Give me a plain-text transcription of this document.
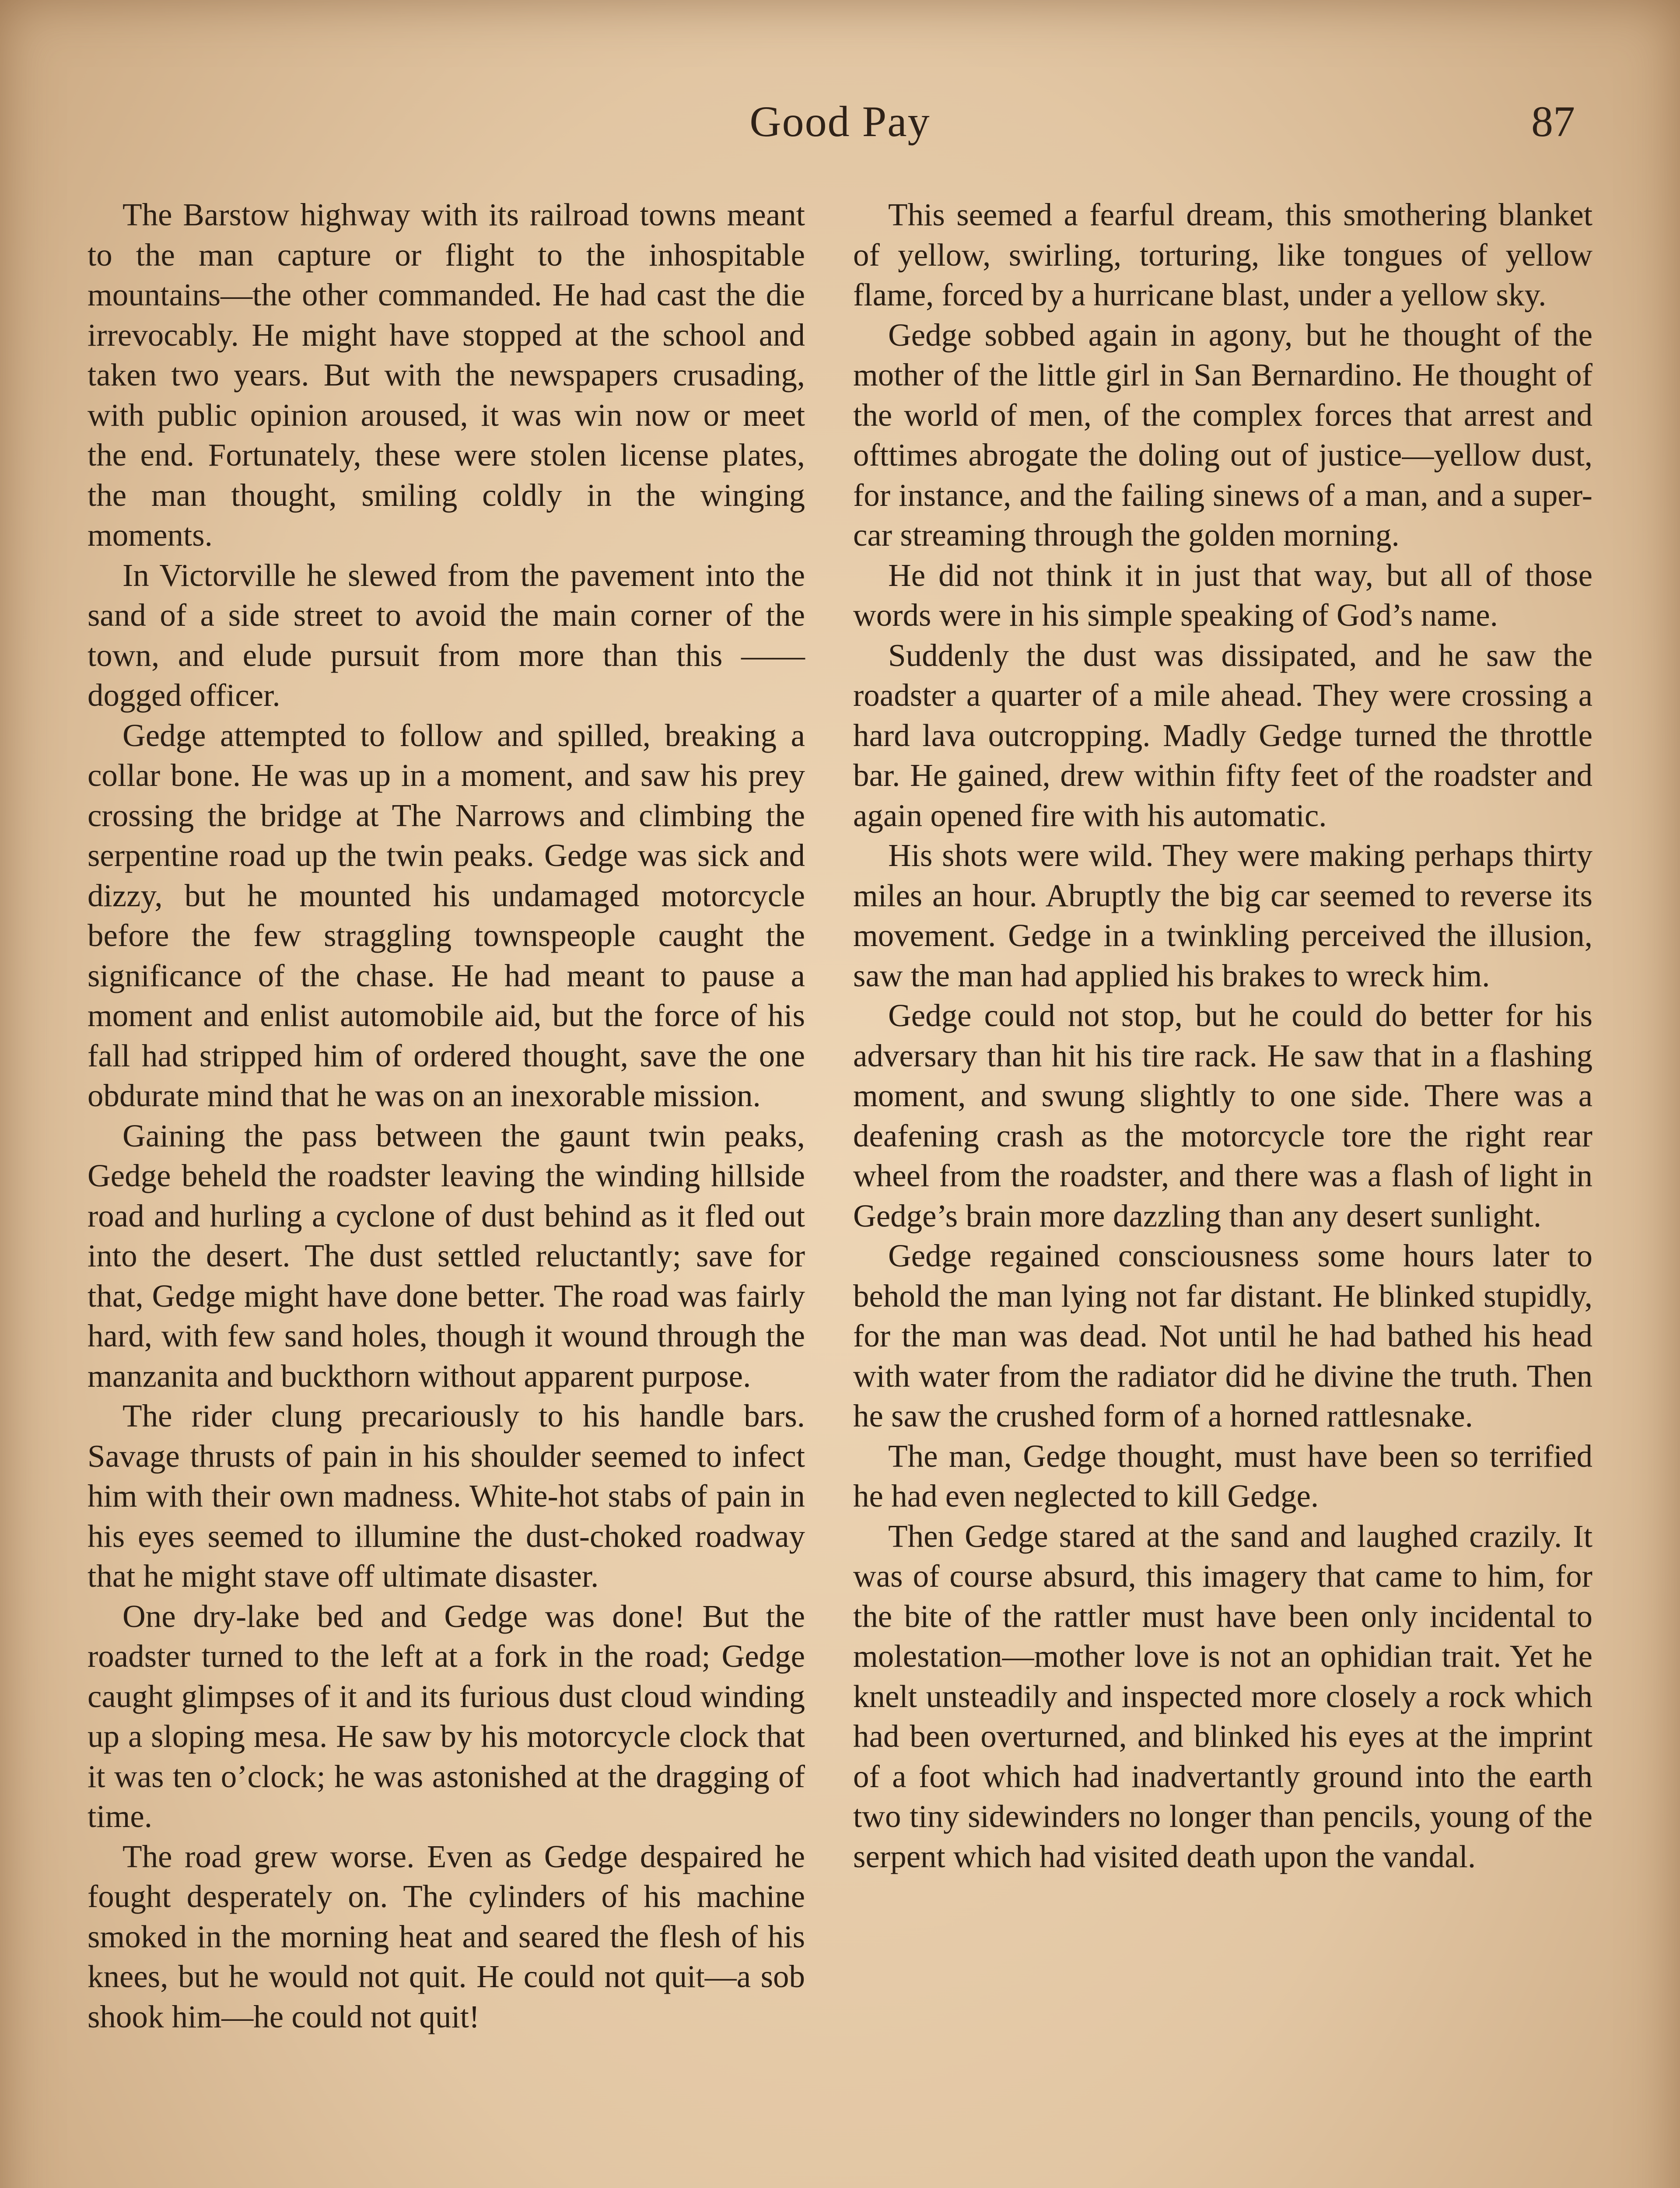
Good Pay	87

The Barstow highway with its railroad towns meant to the man capture or flight to the inhospitable mountains—the other commanded. He had cast the die irrevocably. He might have stopped at the school and taken two years. But with the newspapers crusading, with public opinion aroused, it was win now or meet the end. Fortunately, these were stolen license plates, the man thought, smiling coldly in the winging moments.

In Victorville he slewed from the pavement into the sand of a side street to avoid the main corner of the town, and elude pursuit from more than this —— dogged officer.

Gedge attempted to follow and spilled, breaking a collar bone. He was up in a moment, and saw his prey crossing the bridge at The Narrows and climbing the serpentine road up the twin peaks. Gedge was sick and dizzy, but he mounted his undamaged motorcycle before the few straggling townspeople caught the significance of the chase. He had meant to pause a moment and enlist automobile aid, but the force of his fall had stripped him of ordered thought, save the one obdurate mind that he was on an inexorable mission.

Gaining the pass between the gaunt twin peaks, Gedge beheld the roadster leaving the winding hillside road and hurling a cyclone of dust behind as it fled out into the desert. The dust settled reluctantly; save for that, Gedge might have done better. The road was fairly hard, with few sand holes, though it wound through the manzanita and buckthorn without apparent purpose.

The rider clung precariously to his handle bars. Savage thrusts of pain in his shoulder seemed to infect him with their own madness. White-hot stabs of pain in his eyes seemed to illumine the dust-choked roadway that he might stave off ultimate disaster.

One dry-lake bed and Gedge was done! But the roadster turned to the left at a fork in the road; Gedge caught glimpses of it and its furious dust cloud winding up a sloping mesa. He saw by his motorcycle clock that it was ten o’clock; he was astonished at the dragging of time.

The road grew worse. Even as Gedge despaired he fought desperately on. The cylinders of his machine smoked in the morning heat and seared the flesh of his knees, but he would not quit. He could not quit—a sob shook him—he could not quit!

This seemed a fearful dream, this smothering blanket of yellow, swirling, torturing, like tongues of yellow flame, forced by a hurricane blast, under a yellow sky.

Gedge sobbed again in agony, but he thought of the mother of the little girl in San Bernardino. He thought of the world of men, of the complex forces that arrest and ofttimes abrogate the doling out of justice—yellow dust, for instance, and the failing sinews of a man, and a super-car streaming through the golden morning.

He did not think it in just that way, but all of those words were in his simple speaking of God’s name.

Suddenly the dust was dissipated, and he saw the roadster a quarter of a mile ahead. They were crossing a hard lava outcropping. Madly Gedge turned the throttle bar. He gained, drew within fifty feet of the roadster and again opened fire with his automatic.

His shots were wild. They were making perhaps thirty miles an hour. Abruptly the big car seemed to reverse its movement. Gedge in a twinkling perceived the illusion, saw the man had applied his brakes to wreck him.

Gedge could not stop, but he could do better for his adversary than hit his tire rack. He saw that in a flashing moment, and swung slightly to one side. There was a deafening crash as the motorcycle tore the right rear wheel from the roadster, and there was a flash of light in Gedge’s brain more dazzling than any desert sunlight.

Gedge regained consciousness some hours later to behold the man lying not far distant. He blinked stupidly, for the man was dead. Not until he had bathed his head with water from the radiator did he divine the truth. Then he saw the crushed form of a horned rattlesnake.

The man, Gedge thought, must have been so terrified he had even neglected to kill Gedge.

Then Gedge stared at the sand and laughed crazily. It was of course absurd, this imagery that came to him, for the bite of the rattler must have been only incidental to molestation—mother love is not an ophidian trait. Yet he knelt unsteadily and inspected more closely a rock which had been overturned, and blinked his eyes at the imprint of a foot which had inadvertantly ground into the earth two tiny sidewinders no longer than pencils, young of the serpent which had visited death upon the vandal.
